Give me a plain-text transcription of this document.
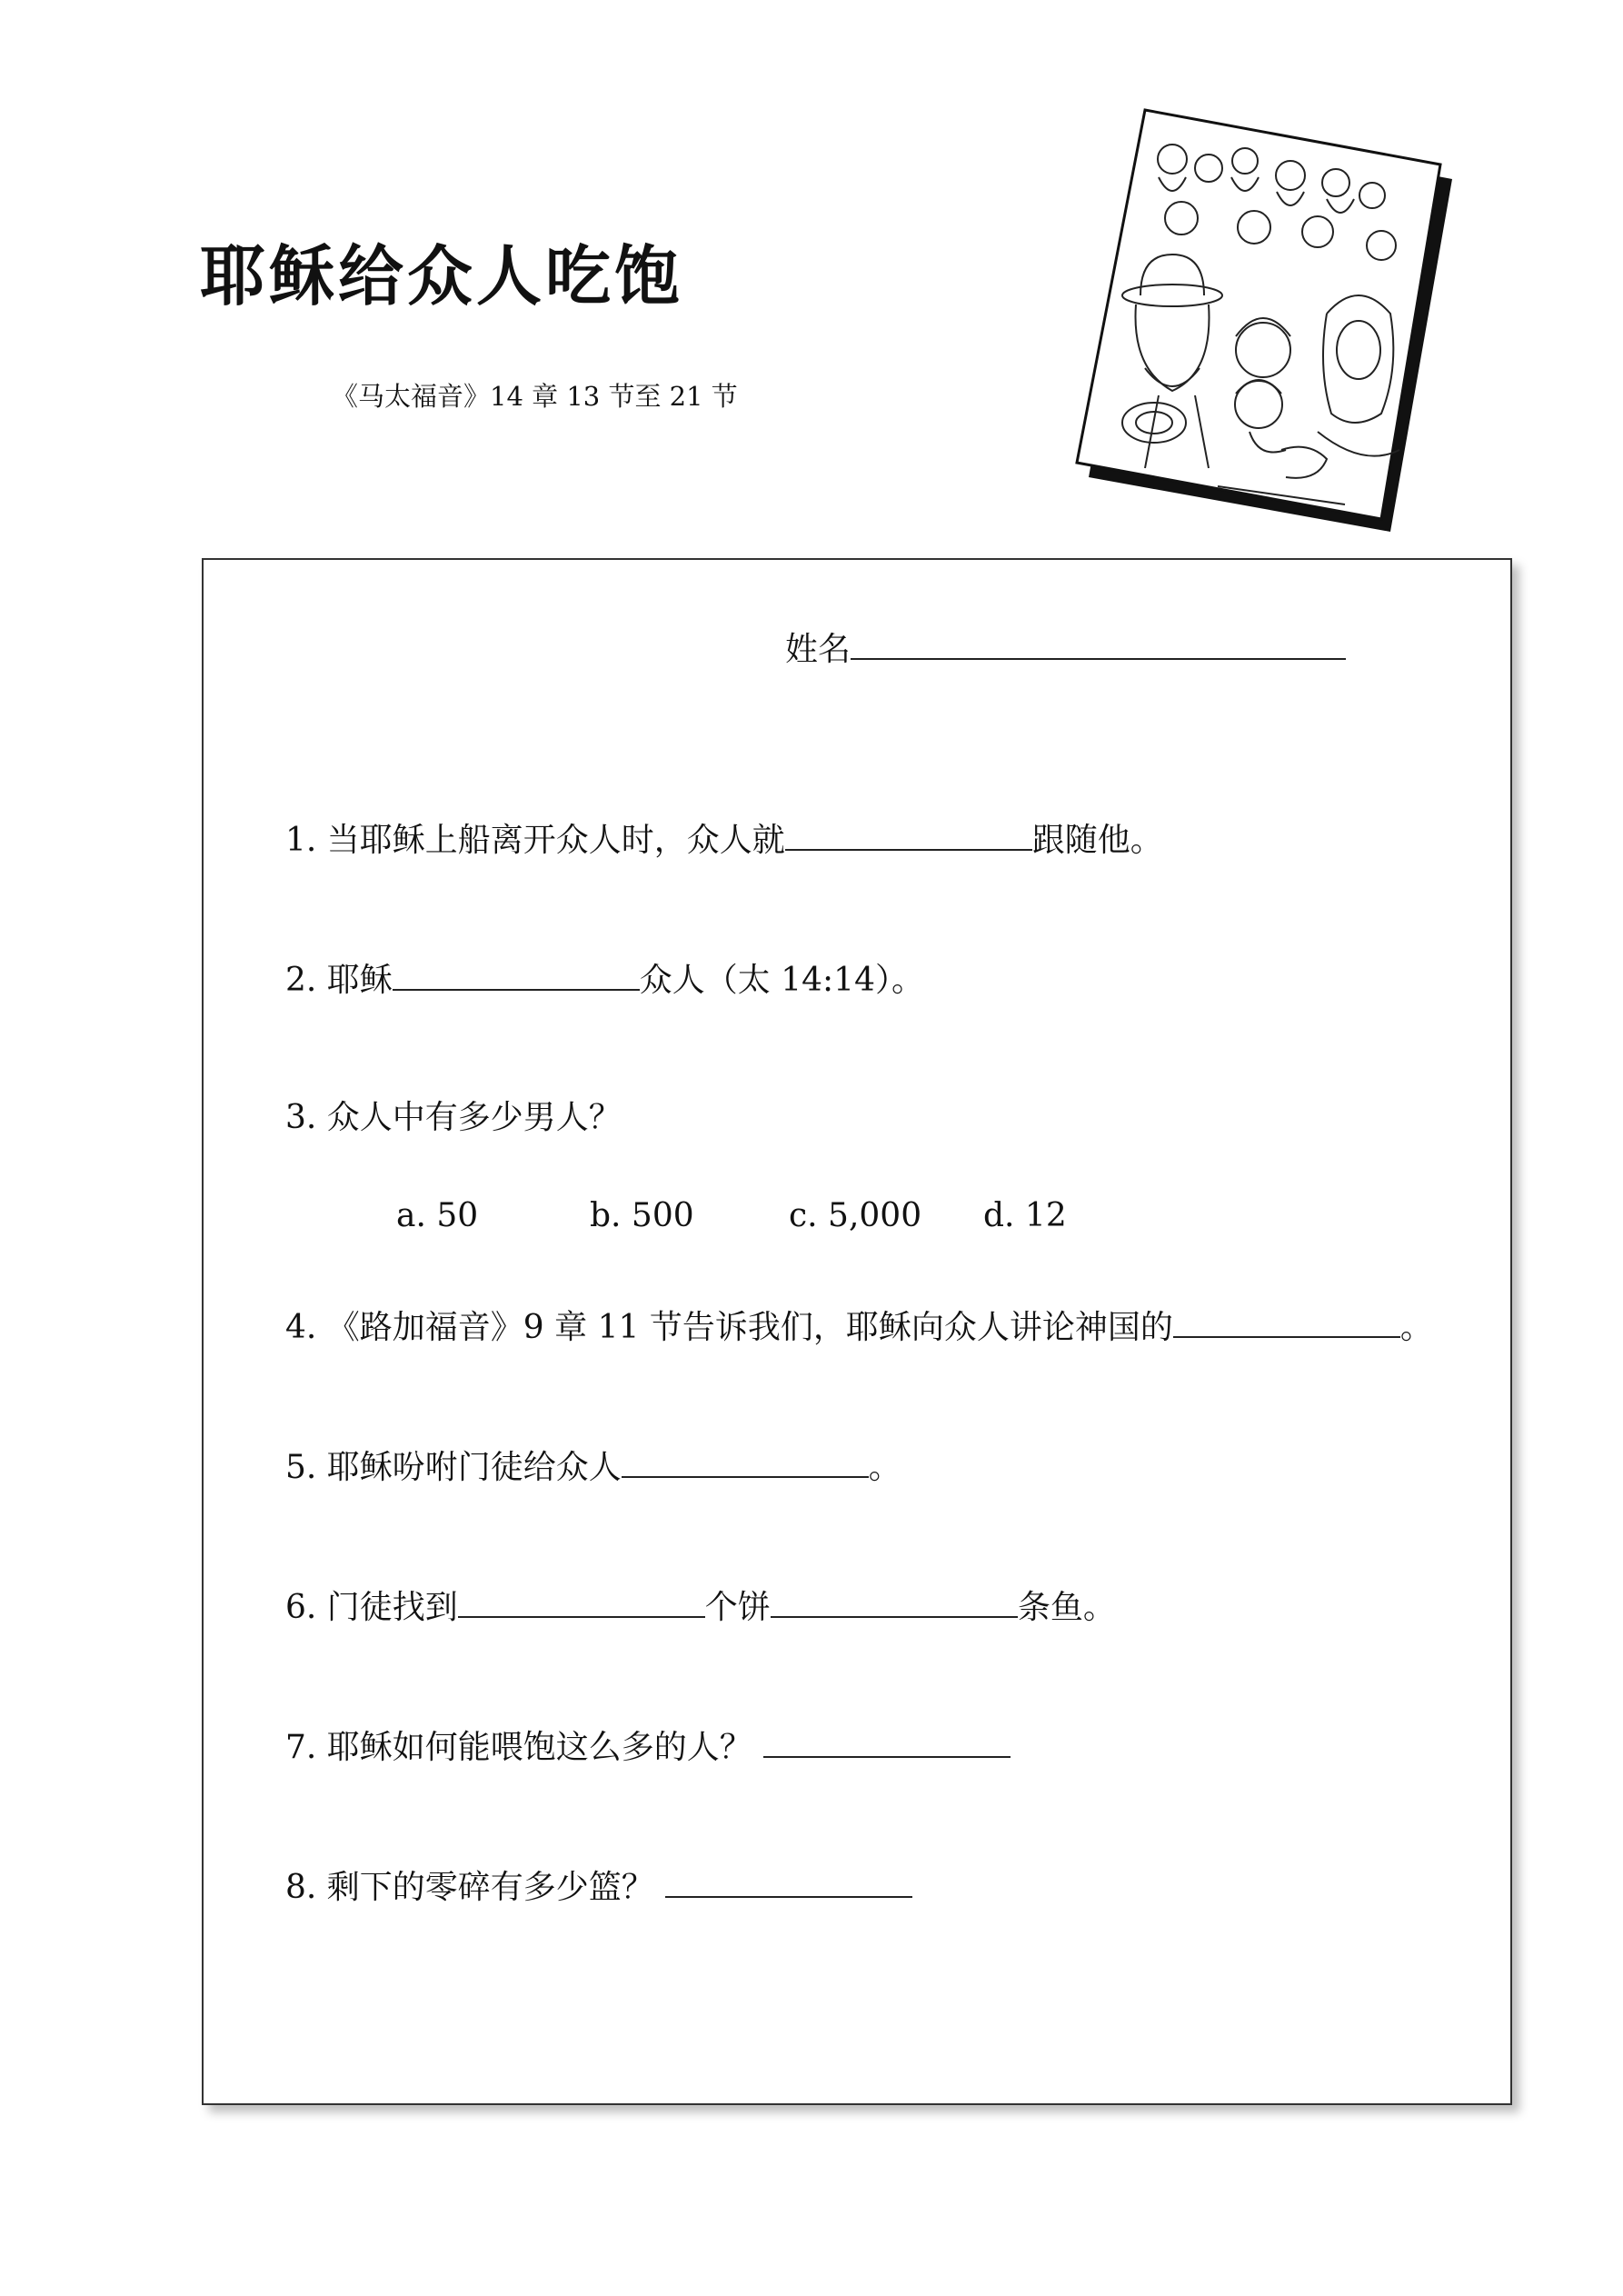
耶稣给众人吃饱
《马太福音》14 章 13 节至 21 节
姓名
1. 当耶稣上船离开众人时，众人就	跟随他。
2. 耶稣	众人（太 14:14）。
3. 众人中有多少男人？
a. 50	b. 500	c. 5,000 d. 12
4. 《路加福音》9 章 11 节告诉我们，耶稣向众人讲论神国的	。
5. 耶稣吩咐门徒给众人	。
6. 门徒找到	个饼	条鱼。
7. 耶稣如何能喂饱这么多的人？
8. 剩下的零碎有多少篮？
